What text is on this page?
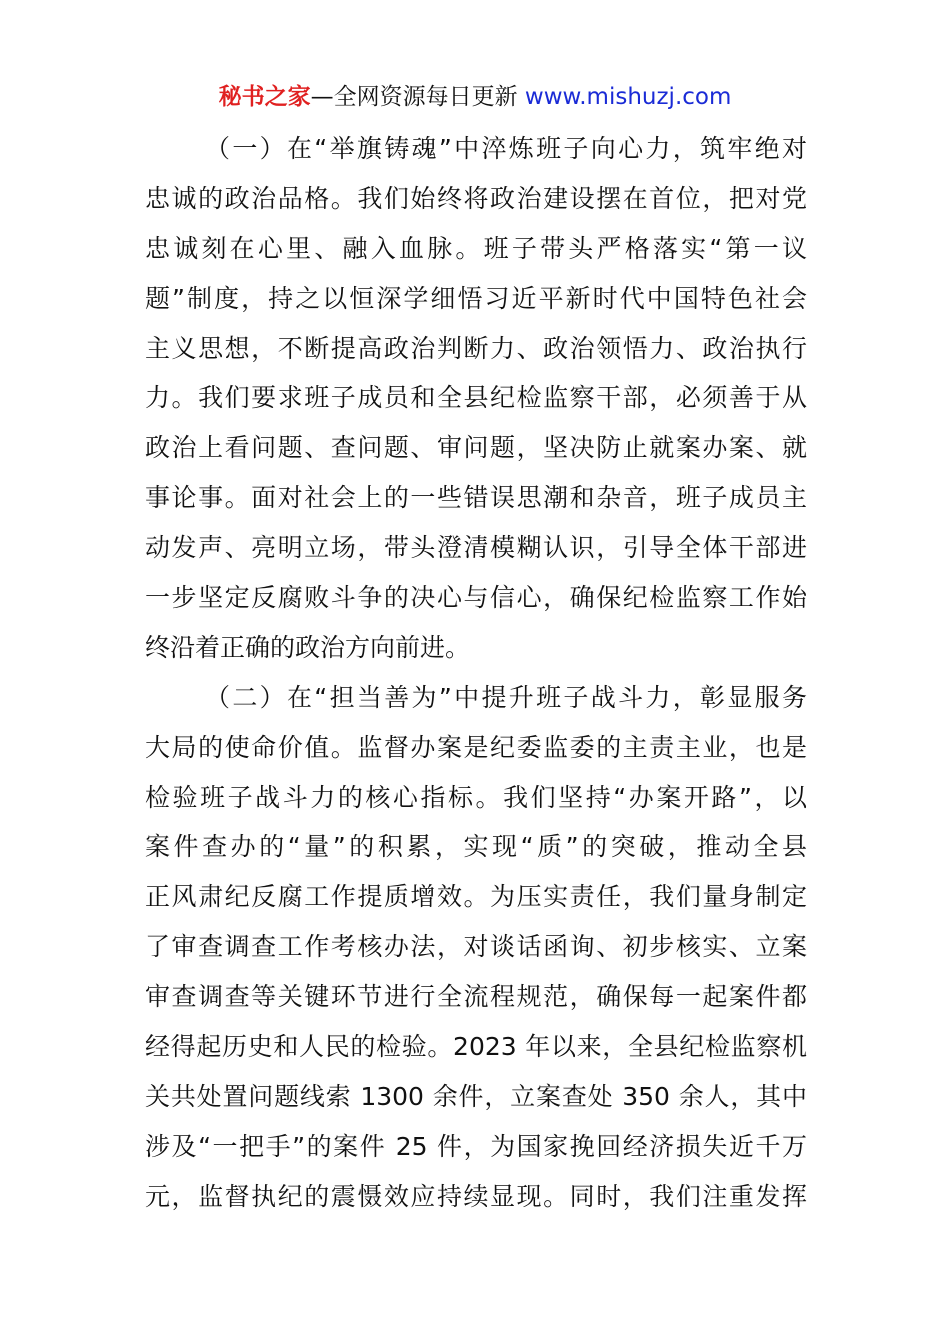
秘书之家—全网资源每日更新 www.mishuzj.com
（一）在“举旗铸魂”中淬炼班子向心力，筑牢绝对
忠诚的政治品格。我们始终将政治建设摆在首位，把对党
忠诚刻在心里、融入血脉。班子带头严格落实“第一议
题”制度，持之以恒深学细悟习近平新时代中国特色社会
主义思想，不断提高政治判断力、政治领悟力、政治执行
力。我们要求班子成员和全县纪检监察干部，必须善于从
政治上看问题、查问题、审问题，坚决防止就案办案、就
事论事。面对社会上的一些错误思潮和杂音，班子成员主
动发声、亮明立场，带头澄清模糊认识，引导全体干部进
一步坚定反腐败斗争的决心与信心，确保纪检监察工作始
终沿着正确的政治方向前进。
（二）在“担当善为”中提升班子战斗力，彰显服务
大局的使命价值。监督办案是纪委监委的主责主业，也是
检验班子战斗力的核心指标。我们坚持“办案开路”，以
案件查办的“量”的积累，实现“质”的突破，推动全县
正风肃纪反腐工作提质增效。为压实责任，我们量身制定
了审查调查工作考核办法，对谈话函询、初步核实、立案
审查调查等关键环节进行全流程规范，确保每一起案件都
经得起历史和人民的检验。2023 年以来，全县纪检监察机
关共处置问题线索 1300 余件，立案查处 350 余人，其中
涉及“一把手”的案件 25 件，为国家挽回经济损失近千万
元，监督执纪的震慑效应持续显现。同时，我们注重发挥
